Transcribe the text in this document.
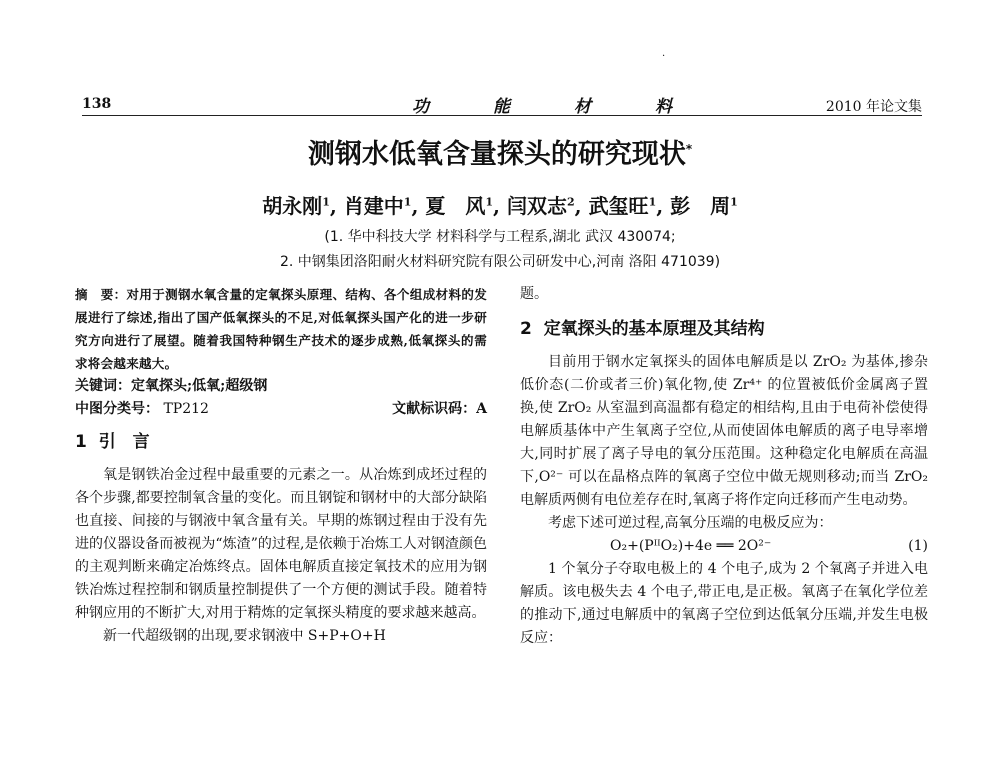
.
138	功	能	材	料	2010 年论文集
测钢水低氧含量探头的研究现状*
胡永刚$^1$, 肖建中$^1$, 夏　风$^1$, 闫双志$^2$, 武玺旺$^1$, 彭　周$^1$
(1. 华中科技大学 材料科学与工程系,湖北 武汉 430074;
2. 中钢集团洛阳耐火材料研究院有限公司研发中心,河南 洛阳 471039)
摘　要：对用于测钢水氧含量的定氧探头原理、结构、各个组成材料的发展进行了综述,指出了国产低氧探头的不足,对低氧探头国产化的进一步研究方向进行了展望。随着我国特种钢生产技术的逐步成熟,低氧探头的需求将会越来越大。
关键词：定氧探头;低氧;超级钢
中图分类号： TP212	文献标识码：A
1 引　言

氧是钢铁冶金过程中最重要的元素之一。从冶炼到成坯过程的各个步骤,都要控制氧含量的变化。而且钢锭和钢材中的大部分缺陷也直接、间接的与钢液中氧含量有关。早期的炼钢过程由于没有先进的仪器设备而被视为“炼渣”的过程,是依赖于冶炼工人对钢渣颜色的主观判断来确定冶炼终点。固体电解质直接定氧技术的应用为钢铁冶炼过程控制和钢质量控制提供了一个方便的测试手段。随着特种钢应用的不断扩大,对用于精炼的定氧探头精度的要求越来越高。

新一代超级钢的出现,要求钢液中 S+P+O+H

题。
2 定氧探头的基本原理及其结构

目前用于钢水定氧探头的固体电解质是以 ZrO₂ 为基体,掺杂低价态(二价或者三价)氧化物,使 Zr⁴⁺ 的位置被低价金属离子置换,使 ZrO₂ 从室温到高温都有稳定的相结构,且由于电荷补偿使得电解质基体中产生氧离子空位,从而使固体电解质的离子电导率增大,同时扩展了离子导电的氧分压范围。这种稳定化电解质在高温下,O²⁻ 可以在晶格点阵的氧离子空位中做无规则移动;而当 ZrO₂ 电解质两侧有电位差存在时,氧离子将作定向迁移而产生电动势。

考虑下述可逆过程,高氧分压端的电极反应为：

O₂+(PᴵᴵO₂)+4e ══ 2O²⁻	(1)

1 个氧分子夺取电极上的 4 个电子,成为 2 个氧离子并进入电解质。该电极失去 4 个电子,带正电,是正极。氧离子在氧化学位差的推动下,通过电解质中的氧离子空位到达低氧分压端,并发生电极反应：
